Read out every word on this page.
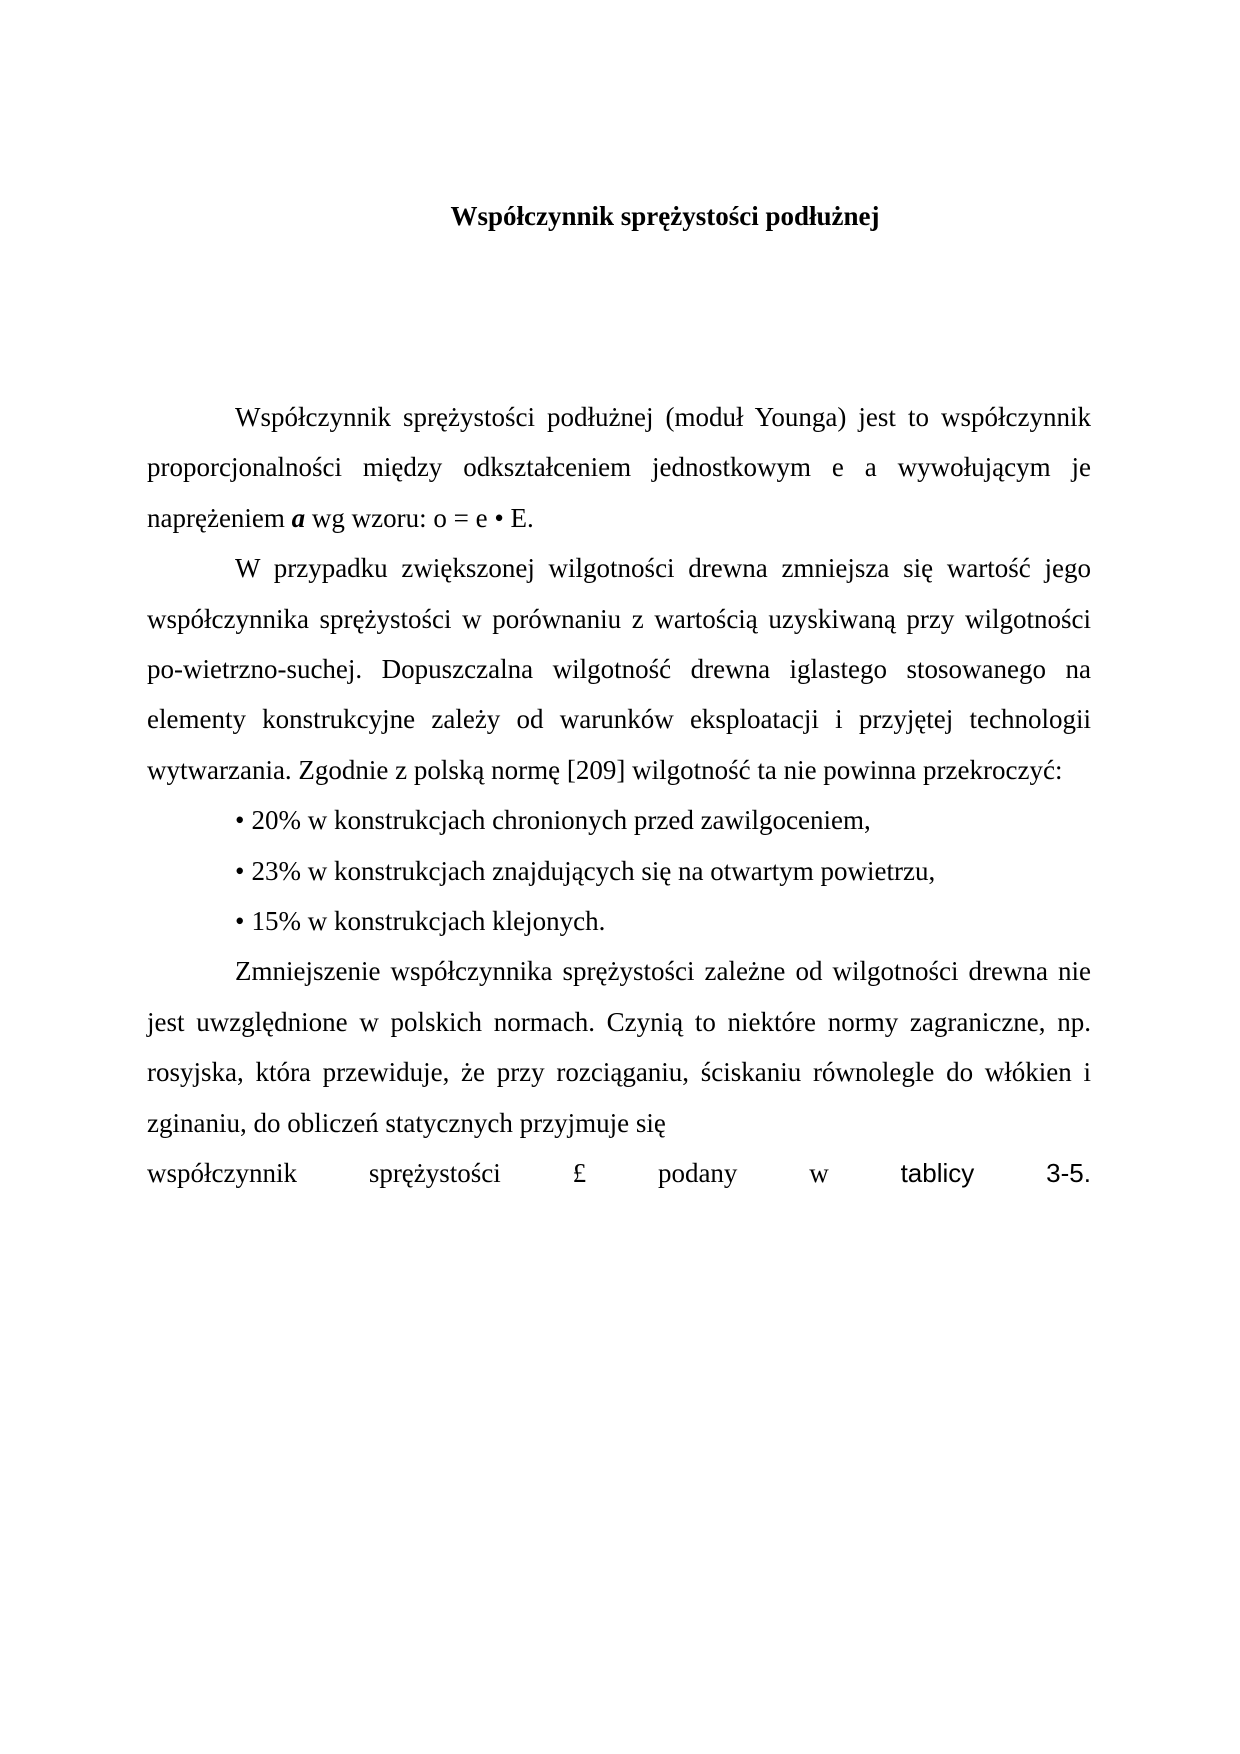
Współczynnik sprężystości podłużnej

Współczynnik sprężystości podłużnej (moduł Younga) jest to współczynnik proporcjonalności między odkształceniem jednostkowym e a wywołującym je naprężeniem a wg wzoru: o = e • E.

W przypadku zwiększonej wilgotności drewna zmniejsza się wartość jego współczynnika sprężystości w porównaniu z wartością uzyskiwaną przy wilgotności po-wietrzno-suchej. Dopuszczalna wilgotność drewna iglastego stosowanego na elementy konstrukcyjne zależy od warunków eksploatacji i przyjętej technologii wytwarzania. Zgodnie z polską normę [209] wilgotność ta nie powinna przekroczyć:

• 20% w konstrukcjach chronionych przed zawilgoceniem,
• 23% w konstrukcjach znajdujących się na otwartym powietrzu,
• 15% w konstrukcjach klejonych.

Zmniejszenie współczynnika sprężystości zależne od wilgotności drewna nie jest uwzględnione w polskich normach. Czynią to niektóre normy zagraniczne, np. rosyjska, która przewiduje, że przy rozciąganiu, ściskaniu równolegle do włókien i zginaniu, do obliczeń statycznych przyjmuje się

współczynnik	sprężystości	£	podany	w	tablicy	3-5.
